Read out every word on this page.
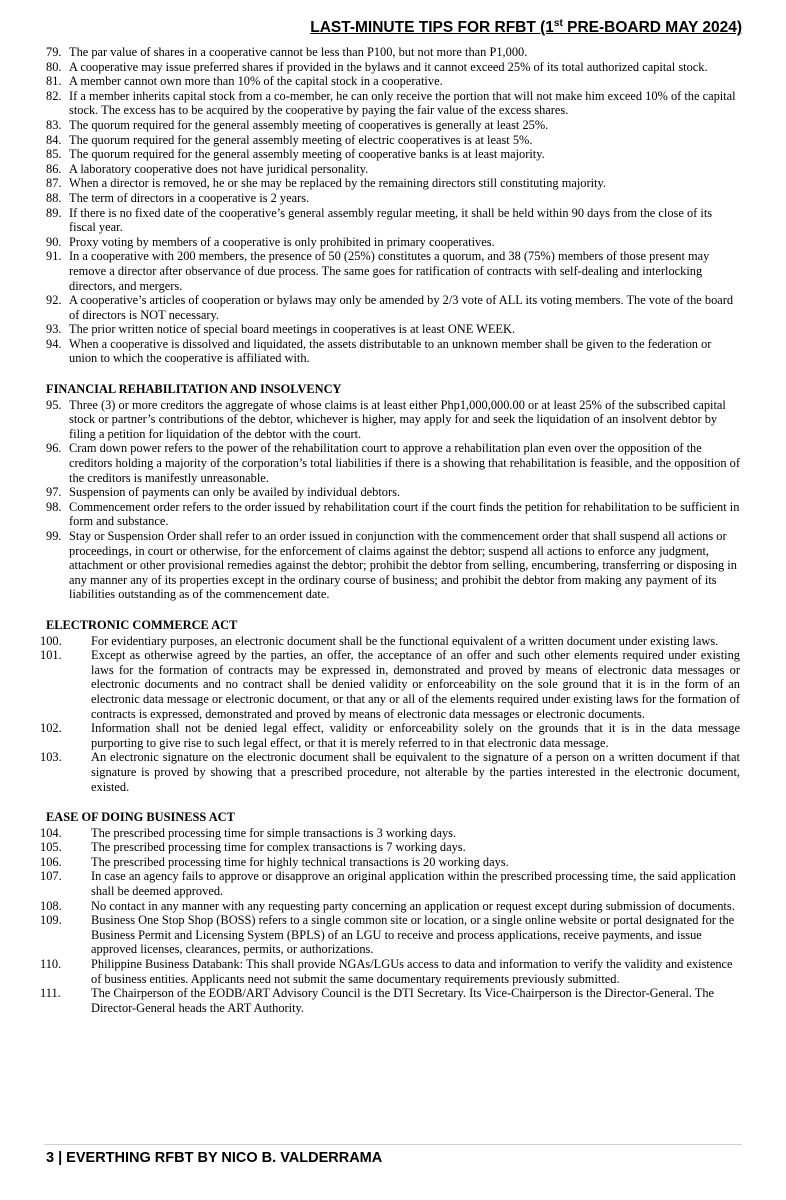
LAST-MINUTE TIPS FOR RFBT (1st PRE-BOARD MAY 2024)
79. The par value of shares in a cooperative cannot be less than P100, but not more than P1,000.
80. A cooperative may issue preferred shares if provided in the bylaws and it cannot exceed 25% of its total authorized capital stock.
81. A member cannot own more than 10% of the capital stock in a cooperative.
82. If a member inherits capital stock from a co-member, he can only receive the portion that will not make him exceed 10% of the capital stock. The excess has to be acquired by the cooperative by paying the fair value of the excess shares.
83. The quorum required for the general assembly meeting of cooperatives is generally at least 25%.
84. The quorum required for the general assembly meeting of electric cooperatives is at least 5%.
85. The quorum required for the general assembly meeting of cooperative banks is at least majority.
86. A laboratory cooperative does not have juridical personality.
87. When a director is removed, he or she may be replaced by the remaining directors still constituting majority.
88. The term of directors in a cooperative is 2 years.
89. If there is no fixed date of the cooperative’s general assembly regular meeting, it shall be held within 90 days from the close of its fiscal year.
90. Proxy voting by members of a cooperative is only prohibited in primary cooperatives.
91. In a cooperative with 200 members, the presence of 50 (25%) constitutes a quorum, and 38 (75%) members of those present may remove a director after observance of due process. The same goes for ratification of contracts with self-dealing and interlocking directors, and mergers.
92. A cooperative’s articles of cooperation or bylaws may only be amended by 2/3 vote of ALL its voting members. The vote of the board of directors is NOT necessary.
93. The prior written notice of special board meetings in cooperatives is at least ONE WEEK.
94. When a cooperative is dissolved and liquidated, the assets distributable to an unknown member shall be given to the federation or union to which the cooperative is affiliated with.
FINANCIAL REHABILITATION AND INSOLVENCY
95. Three (3) or more creditors the aggregate of whose claims is at least either Php1,000,000.00 or at least 25% of the subscribed capital stock or partner’s contributions of the debtor, whichever is higher, may apply for and seek the liquidation of an insolvent debtor by filing a petition for liquidation of the debtor with the court.
96. Cram down power refers to the power of the rehabilitation court to approve a rehabilitation plan even over the opposition of the creditors holding a majority of the corporation’s total liabilities if there is a showing that rehabilitation is feasible, and the opposition of the creditors is manifestly unreasonable.
97. Suspension of payments can only be availed by individual debtors.
98. Commencement order refers to the order issued by rehabilitation court if the court finds the petition for rehabilitation to be sufficient in form and substance.
99. Stay or Suspension Order shall refer to an order issued in conjunction with the commencement order that shall suspend all actions or proceedings, in court or otherwise, for the enforcement of claims against the debtor; suspend all actions to enforce any judgment, attachment or other provisional remedies against the debtor; prohibit the debtor from selling, encumbering, transferring or disposing in any manner any of its properties except in the ordinary course of business; and prohibit the debtor from making any payment of its liabilities outstanding as of the commencement date.
ELECTRONIC COMMERCE ACT
100. For evidentiary purposes, an electronic document shall be the functional equivalent of a written document under existing laws.
101. Except as otherwise agreed by the parties, an offer, the acceptance of an offer and such other elements required under existing laws for the formation of contracts may be expressed in, demonstrated and proved by means of electronic data messages or electronic documents and no contract shall be denied validity or enforceability on the sole ground that it is in the form of an electronic data message or electronic document, or that any or all of the elements required under existing laws for the formation of contracts is expressed, demonstrated and proved by means of electronic data messages or electronic documents.
102. Information shall not be denied legal effect, validity or enforceability solely on the grounds that it is in the data message purporting to give rise to such legal effect, or that it is merely referred to in that electronic data message.
103. An electronic signature on the electronic document shall be equivalent to the signature of a person on a written document if that signature is proved by showing that a prescribed procedure, not alterable by the parties interested in the electronic document, existed.
EASE OF DOING BUSINESS ACT
104. The prescribed processing time for simple transactions is 3 working days.
105. The prescribed processing time for complex transactions is 7 working days.
106. The prescribed processing time for highly technical transactions is 20 working days.
107. In case an agency fails to approve or disapprove an original application within the prescribed processing time, the said application shall be deemed approved.
108. No contact in any manner with any requesting party concerning an application or request except during submission of documents.
109. Business One Stop Shop (BOSS) refers to a single common site or location, or a single online website or portal designated for the Business Permit and Licensing System (BPLS) of an LGU to receive and process applications, receive payments, and issue approved licenses, clearances, permits, or authorizations.
110. Philippine Business Databank: This shall provide NGAs/LGUs access to data and information to verify the validity and existence of business entities. Applicants need not submit the same documentary requirements previously submitted.
111. The Chairperson of the EODB/ART Advisory Council is the DTI Secretary. Its Vice-Chairperson is the Director-General. The Director-General heads the ART Authority.
3 | EVERTHING RFBT BY NICO B. VALDERRAMA
